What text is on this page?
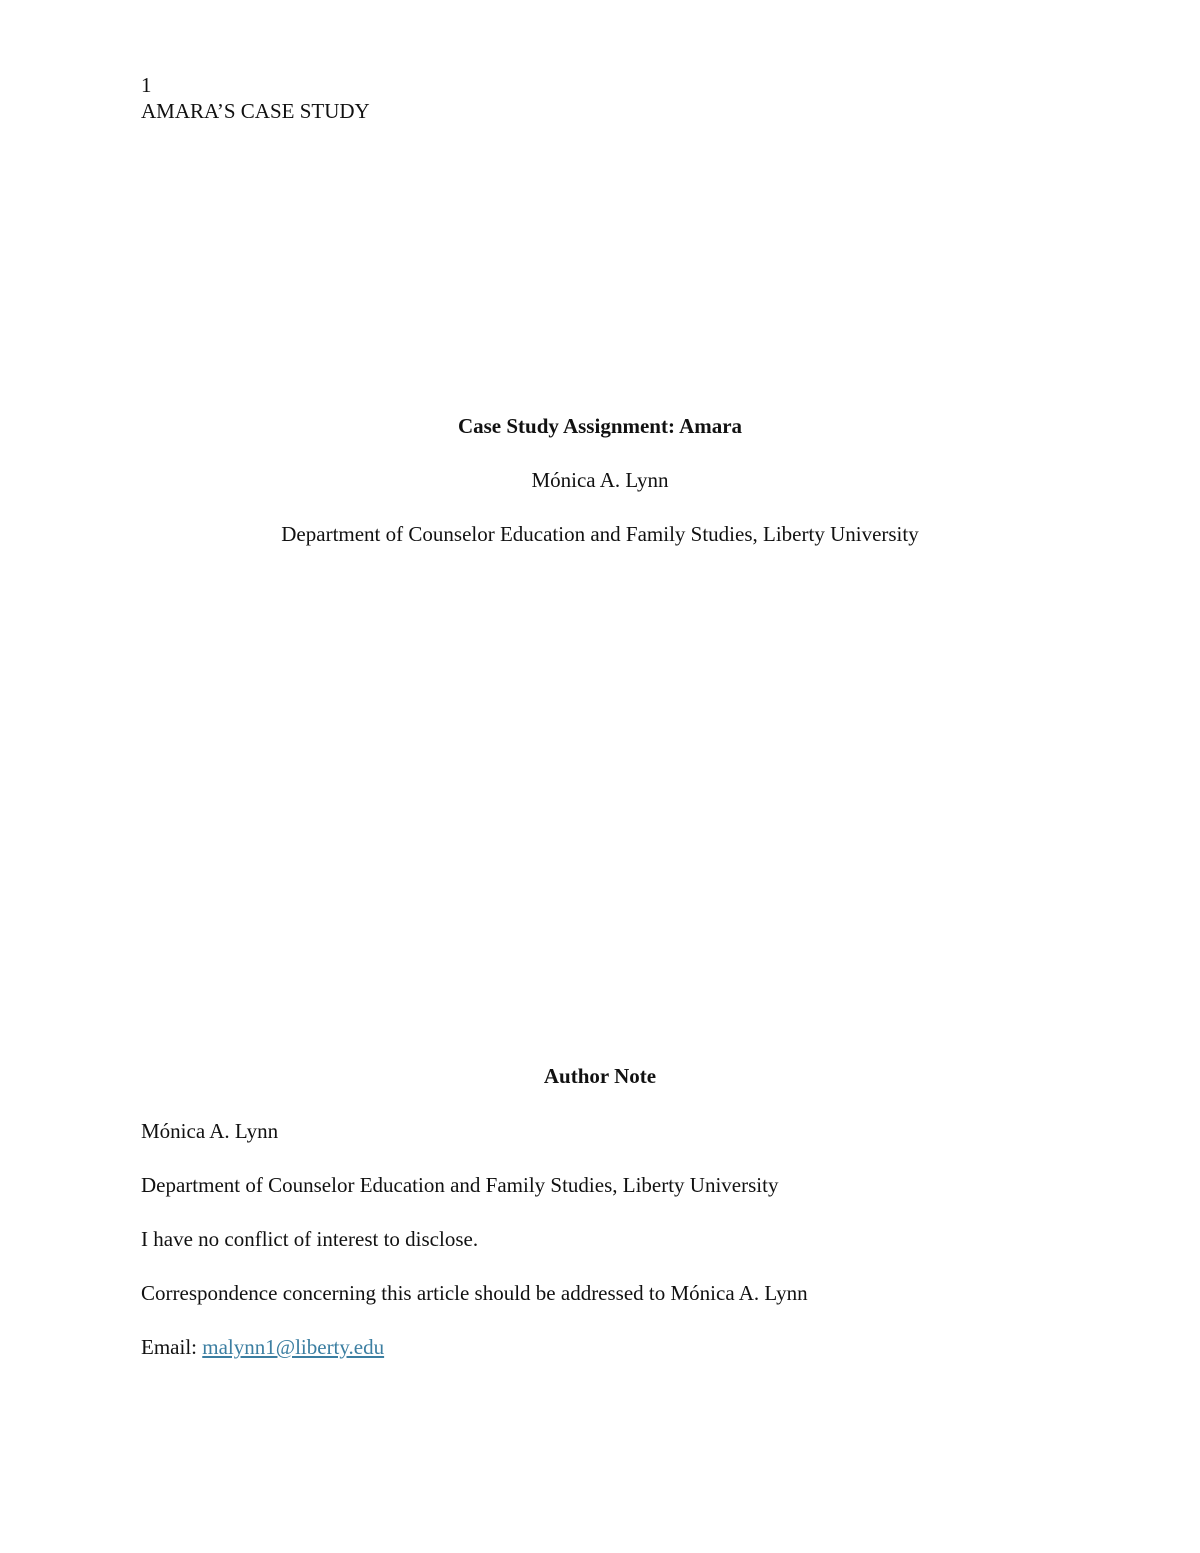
1
AMARA’S CASE STUDY
Case Study Assignment: Amara
Mónica A. Lynn
Department of Counselor Education and Family Studies, Liberty University
Author Note
Mónica A. Lynn
Department of Counselor Education and Family Studies, Liberty University
I have no conflict of interest to disclose.
Correspondence concerning this article should be addressed to Mónica A. Lynn
Email: malynn1@liberty.edu
